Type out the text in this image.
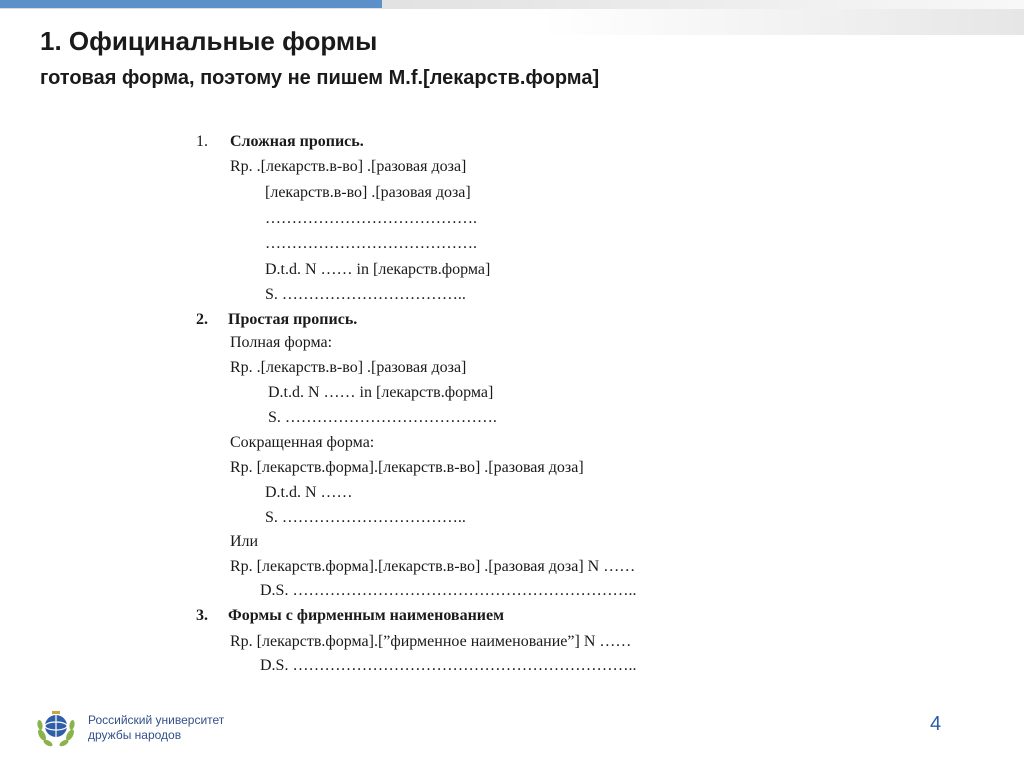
1. Официнальные формы
готовая форма, поэтому не пишем M.f.[лекарств.форма]
1. Сложная пропись.
Rp. .[лекарств.в-во] .[разовая доза]
[лекарств.в-во] .[разовая доза]
………………………………….
………………………………….
D.t.d. N …… in [лекарств.форма]
S. ……………………………..
2. Простая пропись.
Полная форма:
Rp. .[лекарств.в-во] .[разовая доза]
D.t.d. N …… in [лекарств.форма]
S. ………………………………….
Сокращенная форма:
Rp. [лекарств.форма].[лекарств.в-во] .[разовая доза]
D.t.d. N ……
S. ……………………………..
Или
Rp. [лекарств.форма].[лекарств.в-во] .[разовая доза] N ……
D.S. ………………………………………………………..
3. Формы с фирменным наименованием
Rp. [лекарств.форма].[”фирменное наименование”] N ……
D.S. ………………………………………………………..
Российский университет
дружбы народов	4
